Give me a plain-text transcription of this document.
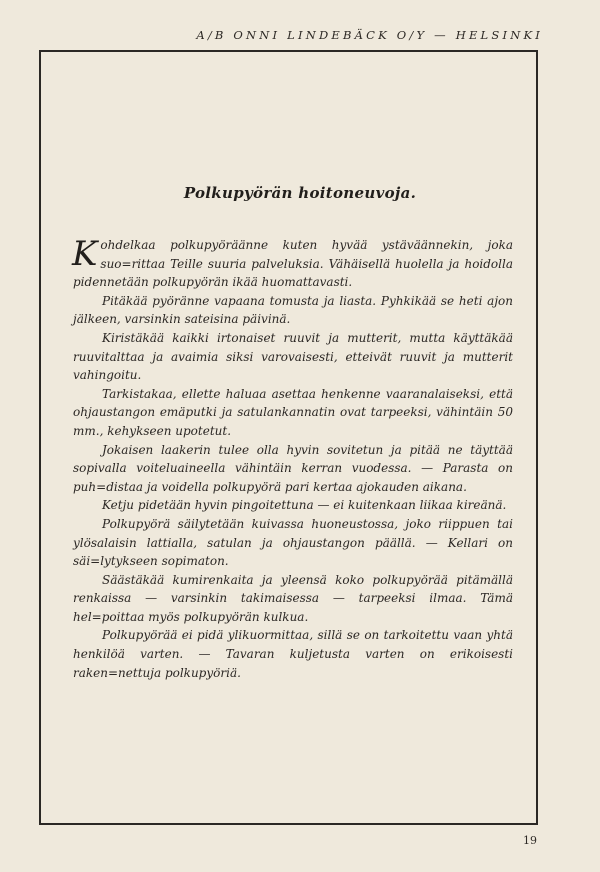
A/B ONNI LINDEBÄCK O/Y — HELSINKI
Polkupyörän hoitoneuvoja.

Kohdelkaa polkupyöräänne kuten hyvää ystäväännekin, joka suo=rittaa Teille suuria palveluksia. Vähäisellä huolella ja hoidolla pidennetään polkupyörän ikää huomattavasti.

Pitäkää pyöränne vapaana tomusta ja liasta. Pyhkikää se heti ajon jälkeen, varsinkin sateisina päivinä.

Kiristäkää kaikki irtonaiset ruuvit ja mutterit, mutta käyttäkää ruuvitalttaa ja avaimia siksi varovaisesti, etteivät ruuvit ja mutterit vahingoitu.

Tarkistakaa, ellette haluaa asettaa henkenne vaaranalaiseksi, että ohjaustangon emäputki ja satulankannatin ovat tarpeeksi, vähintäin 50 mm., kehykseen upotetut.

Jokaisen laakerin tulee olla hyvin sovitetun ja pitää ne täyttää sopivalla voiteluaineella vähintäin kerran vuodessa. — Parasta on puh=distaa ja voidella polkupyörä pari kertaa ajokauden aikana.

Ketju pidetään hyvin pingoitettuna — ei kuitenkaan liikaa kireänä.

Polkupyörä säilytetään kuivassa huoneustossa, joko riippuen tai ylösalaisin lattialla, satulan ja ohjaustangon päällä. — Kellari on säi=lytykseen sopimaton.

Säästäkää kumirenkaita ja yleensä koko polkupyörää pitämällä renkaissa — varsinkin takimaisessa — tarpeeksi ilmaa. Tämä hel=poittaa myös polkupyörän kulkua.

Polkupyörää ei pidä ylikuormittaa, sillä se on tarkoitettu vaan yhtä henkilöä varten. — Tavaran kuljetusta varten on erikoisesti raken=nettuja polkupyöriä.

19
